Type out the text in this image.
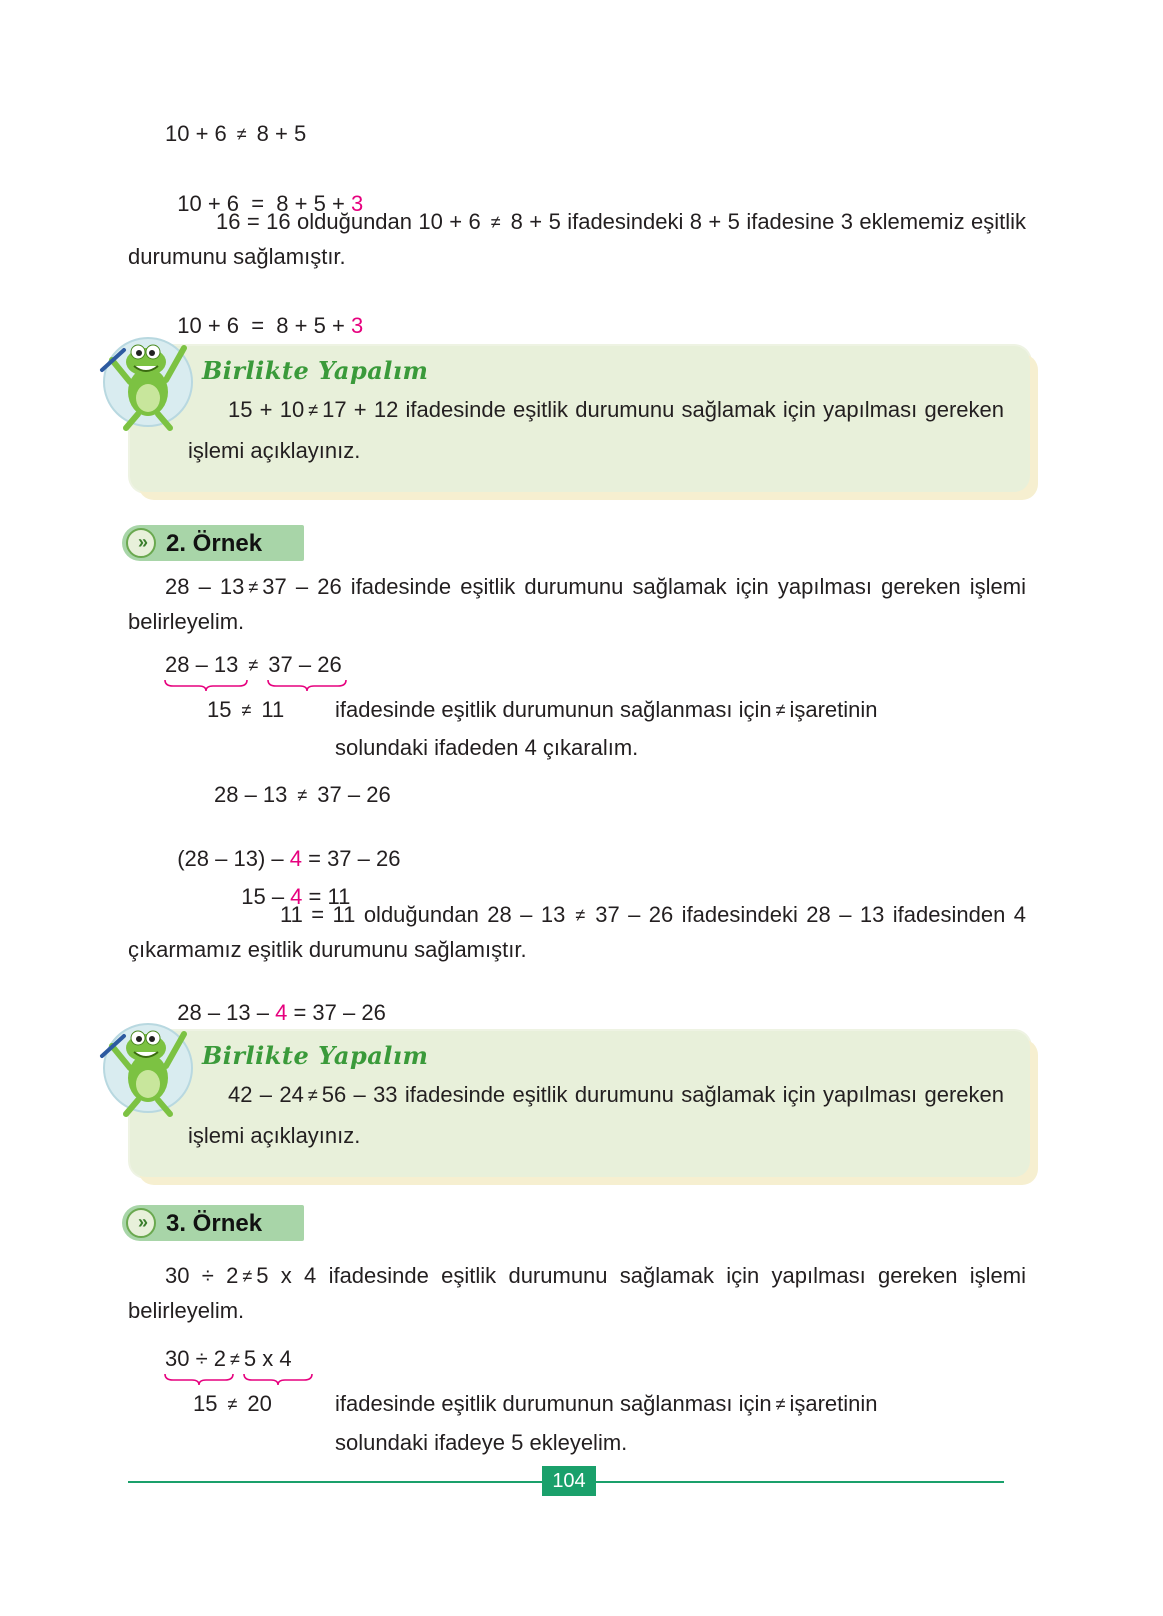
10 + 6 ≠ 8 + 5

10 + 6  =  8 + 5 + 3

16 = 16 olduğundan 10 + 6 ≠ 8 + 5 ifadesindeki 8 + 5 ifadesine 3 eklememiz eşitlik durumunu sağlamıştır.

10 + 6  =  8 + 5 + 3

Birlikte Yapalım
15 + 10 ≠ 17 + 12 ifadesinde eşitlik durumunu sağlamak için yapılması gereken işlemi açıklayınız.
» 2. Örnek
28 – 13 ≠ 37 – 26 ifadesinde eşitlik durumunu sağlamak için yapılması gereken işlemi belirleyelim.
28 – 13 ≠ 37 – 26
15 ≠ 11 ifadesinde eşitlik durumunun sağlanması için ≠ işaretinin
solundaki ifadeden 4 çıkaralım.
28 – 13 ≠ 37 – 26

(28 – 13) – 4 = 37 – 26

15 – 4 = 11

11 = 11 olduğundan 28 – 13 ≠ 37 – 26 ifadesindeki 28 – 13 ifadesinden 4 çıkarmamız eşitlik durumunu sağlamıştır.

28 – 13 – 4 = 37 – 26

Birlikte Yapalım
42 – 24 ≠ 56 – 33 ifadesinde eşitlik durumunu sağlamak için yapılması gereken işlemi açıklayınız.
» 3. Örnek
30 ÷ 2 ≠ 5 x 4 ifadesinde eşitlik durumunu sağlamak için yapılması gereken işlemi belirleyelim.
30 ÷ 2 ≠ 5 x 4
15 ≠ 20	ifadesinde eşitlik durumunun sağlanması için ≠ işaretinin
solundaki ifadeye 5 ekleyelim.
104
